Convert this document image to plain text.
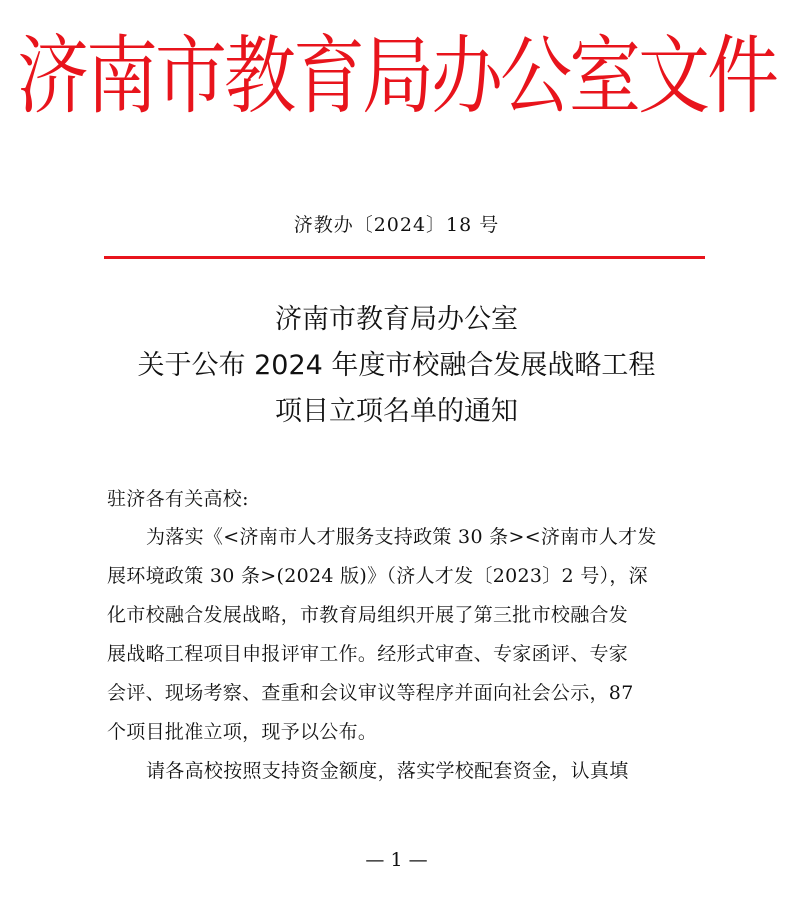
济南市教育局办公室文件
济教办〔2024〕18 号
济南市教育局办公室
关于公布 2024 年度市校融合发展战略工程
项目立项名单的通知
驻济各有关高校:
为落实《<济南市人才服务支持政策 30 条><济南市人才发
展环境政策 30 条>(2024 版)》（济人才发〔2023〕2 号），深
化市校融合发展战略，市教育局组织开展了第三批市校融合发
展战略工程项目申报评审工作。经形式审查、专家函评、专家
会评、现场考察、查重和会议审议等程序并面向社会公示，87
个项目批准立项，现予以公布。
请各高校按照支持资金额度，落实学校配套资金，认真填
— 1 —
